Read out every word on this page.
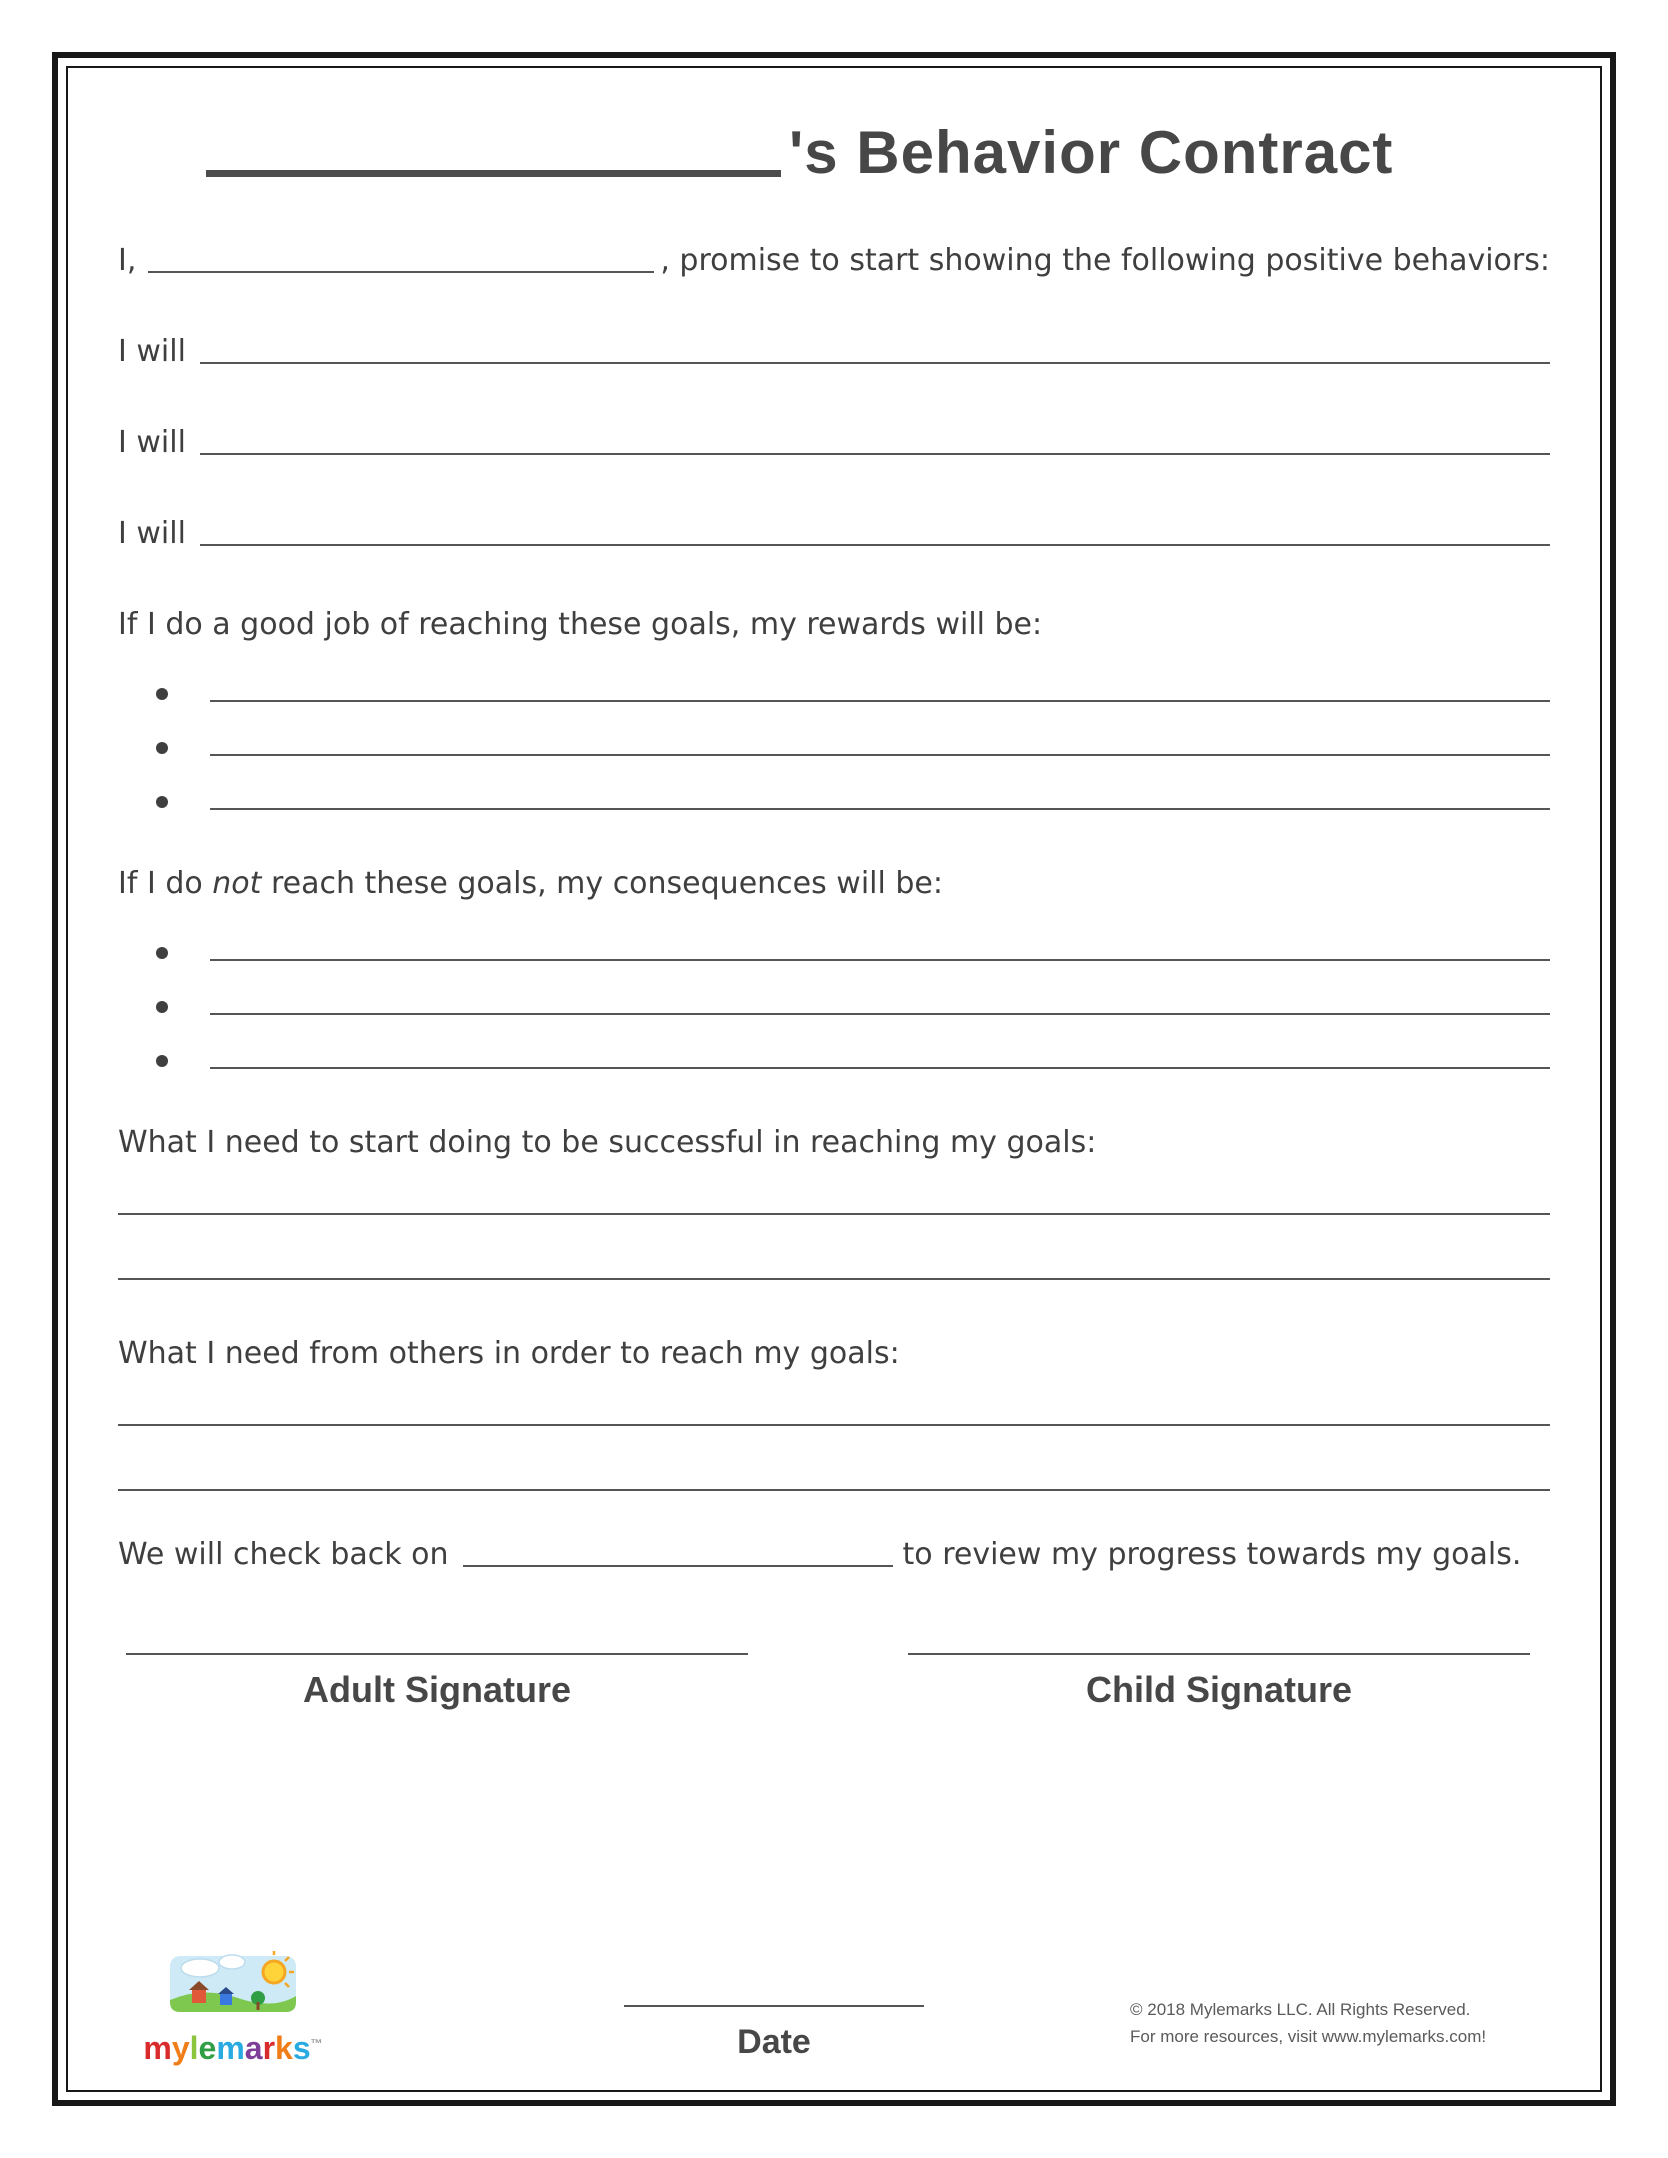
's Behavior Contract
I,	, promise to start showing the following positive behaviors:
I will
I will
I will

If I do a good job of reaching these goals, my rewards will be:

If I do not reach these goals, my consequences will be:

What I need to start doing to be successful in reaching my goals:

What I need from others in order to reach my goals:

We will check back on	to review my progress towards my goals.
Adult Signature	Child Signature
mylemarks™	Date
© 2018 Mylemarks LLC. All Rights Reserved.
For more resources, visit www.mylemarks.com!
